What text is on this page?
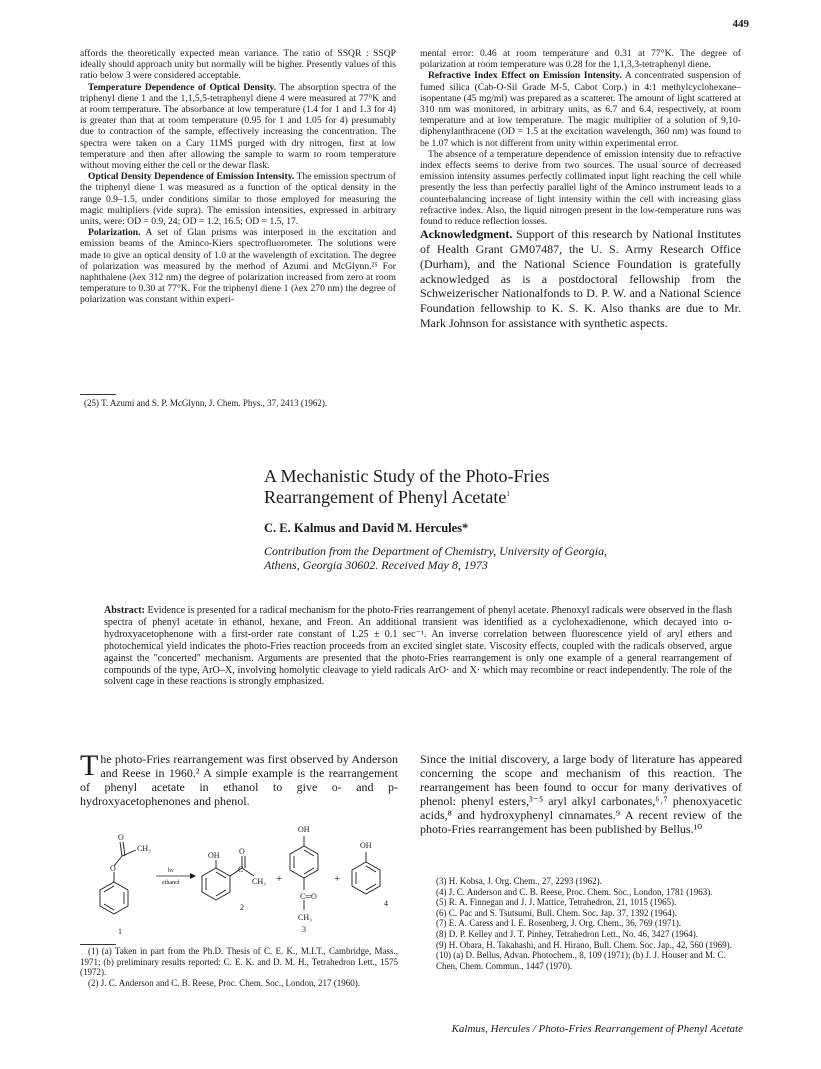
449

affords the theoretically expected mean variance. The ratio of SSQR : SSQP ideally should approach unity but normally will be higher. Presently values of this ratio below 3 were considered acceptable.

Temperature Dependence of Optical Density. The absorption spectra of the triphenyl diene 1 and the 1,1,5,5-tetraphenyl diene 4 were measured at 77°K and at room temperature. The absorbance at low temperature (1.4 for 1 and 1.3 for 4) is greater than that at room temperature (0.95 for 1 and 1.05 for 4) presumably due to contraction of the sample, effectively increasing the concentration. The spectra were taken on a Cary 11MS purged with dry nitrogen, first at low temperature and then after allowing the sample to warm to room temperature without moving either the cell or the dewar flask.

Optical Density Dependence of Emission Intensity. The emission spectrum of the triphenyl diene 1 was measured as a function of the optical density in the range 0.9–1.5, under conditions similar to those employed for measuring the magic multipliers (vide supra). The emission intensities, expressed in arbitrary units, were: OD = 0.9, 24; OD = 1.2, 16.5; OD = 1.5, 17.

Polarization. A set of Glan prisms was interposed in the excitation and emission beams of the Aminco-Kiers spectrofluorometer. The solutions were made to give an optical density of 1.0 at the wavelength of excitation. The degree of polarization was measured by the method of Azumi and McGlynn.²⁵ For naphthalene (λex 312 nm) the degree of polarization increased from zero at room temperature to 0.30 at 77°K. For the triphenyl diene 1 (λex 270 nm) the degree of polarization was constant within experi-

mental error: 0.46 at room temperature and 0.31 at 77°K. The degree of polarization at room temperature was 0.28 for the 1,1,3,3-tetraphenyl diene.

Refractive Index Effect on Emission Intensity. A concentrated suspension of fumed silica (Cab-O-Sil Grade M-5, Cabot Corp.) in 4:1 methylcyclohexane–isopentane (45 mg/ml) was prepared as a scatterer. The amount of light scattered at 310 nm was monitored, in arbitrary units, as 6.7 and 6.4, respectively, at room temperature and at low temperature. The magic multiplier of a solution of 9,10-diphenylanthracene (OD = 1.5 at the excitation wavelength, 360 nm) was found to be 1.07 which is not different from unity within experimental error.

The absence of a temperature dependence of emission intensity due to refractive index effects seems to derive from two sources. The usual source of decreased emission intensity assumes perfectly collimated input light reaching the cell while presently the less than perfectly parallel light of the Aminco instrument leads to a counterbalancing increase of light intensity within the cell with increasing glass refractive index. Also, the liquid nitrogen present in the low-temperature runs was found to reduce reflection losses.

Acknowledgment. Support of this research by National Institutes of Health Grant GM07487, the U. S. Army Research Office (Durham), and the National Science Foundation is gratefully acknowledged as is a postdoctoral fellowship from the Schweizerischer Nationalfonds to D. P. W. and a National Science Foundation fellowship to K. S. K. Also thanks are due to Mr. Mark Johnson for assistance with synthetic aspects.

(25) T. Azumi and S. P. McGlynn, J. Chem. Phys., 37, 2413 (1962).
A Mechanistic Study of the Photo-Fries
Rearrangement of Phenyl Acetate$^1$
C. E. Kalmus and David M. Hercules*
Contribution from the Department of Chemistry, University of Georgia,
Athens, Georgia 30602. Received May 8, 1973
Abstract: Evidence is presented for a radical mechanism for the photo-Fries rearrangement of phenyl acetate. Phenoxyl radicals were observed in the flash spectra of phenyl acetate in ethanol, hexane, and Freon. An additional transient was identified as a cyclohexadienone, which decayed into o-hydroxyacetophenone with a first-order rate constant of 1.25 ± 0.1 sec⁻¹. An inverse correlation between fluorescence yield of aryl ethers and photochemical yield indicates the photo-Fries reaction proceeds from an excited singlet state. Viscosity effects, coupled with the radicals observed, argue against the "concerted" mechanism. Arguments are presented that the photo-Fries rearrangement is only one example of a general rearrangement of compounds of the type, ArO–X, involving homolytic cleavage to yield radicals ArO· and X· which may recombine or react independently. The role of the solvent cage in these reactions is strongly emphasized.
The photo-Fries rearrangement was first observed by Anderson and Reese in 1960.² A simple example is the rearrangement of phenyl acetate in ethanol to give o- and p-hydroxyacetophenones and phenol.
O
O
CH₃
1
hν
ethanol
OH O
C
CH₃
2
+
OH
C═O
CH₃
3
+
OH
4
(1) (a) Taken in part from the Ph.D. Thesis of C. E. K., M.I.T., Cambridge, Mass., 1971; (b) preliminary results reported: C. E. K. and D. M. H., Tetrahedron Lett., 1575 (1972).
(2) J. C. Anderson and C. B. Reese, Proc. Chem. Soc., London, 217 (1960).
Since the initial discovery, a large body of literature has appeared concerning the scope and mechanism of this reaction. The rearrangement has been found to occur for many derivatives of phenol: phenyl esters,³⁻⁵ aryl alkyl carbonates,⁶˒⁷ phenoxyacetic acids,⁸ and hydroxyphenyl cinnamates.⁹ A recent review of the photo-Fries rearrangement has been published by Bellus.¹⁰
(3) H. Kobsa, J. Org. Chem., 27, 2293 (1962).
(4) J. C. Anderson and C. B. Reese, Proc. Chem. Soc., London, 1781 (1963).
(5) R. A. Finnegan and J. J. Mattice, Tetrahedron, 21, 1015 (1965).
(6) C. Pac and S. Tsutsumi, Bull. Chem. Soc. Jap. 37, 1392 (1964).
(7) E. A. Caress and I. E. Rosenberg, J. Org. Chem., 36, 769 (1971).
(8) D. P. Kelley and J. T. Pinhey, Tetrahedron Lett., No. 46, 3427 (1964).
(9) H. Obara, H. Takahashi, and H. Hirano, Bull. Chem. Soc. Jap., 42, 560 (1969).
(10) (a) D. Bellus, Advan. Photochem., 8, 109 (1971); (b) J. J. Houser and M. C. Chen, Chem. Commun., 1447 (1970).
Kalmus, Hercules / Photo-Fries Rearrangement of Phenyl Acetate
